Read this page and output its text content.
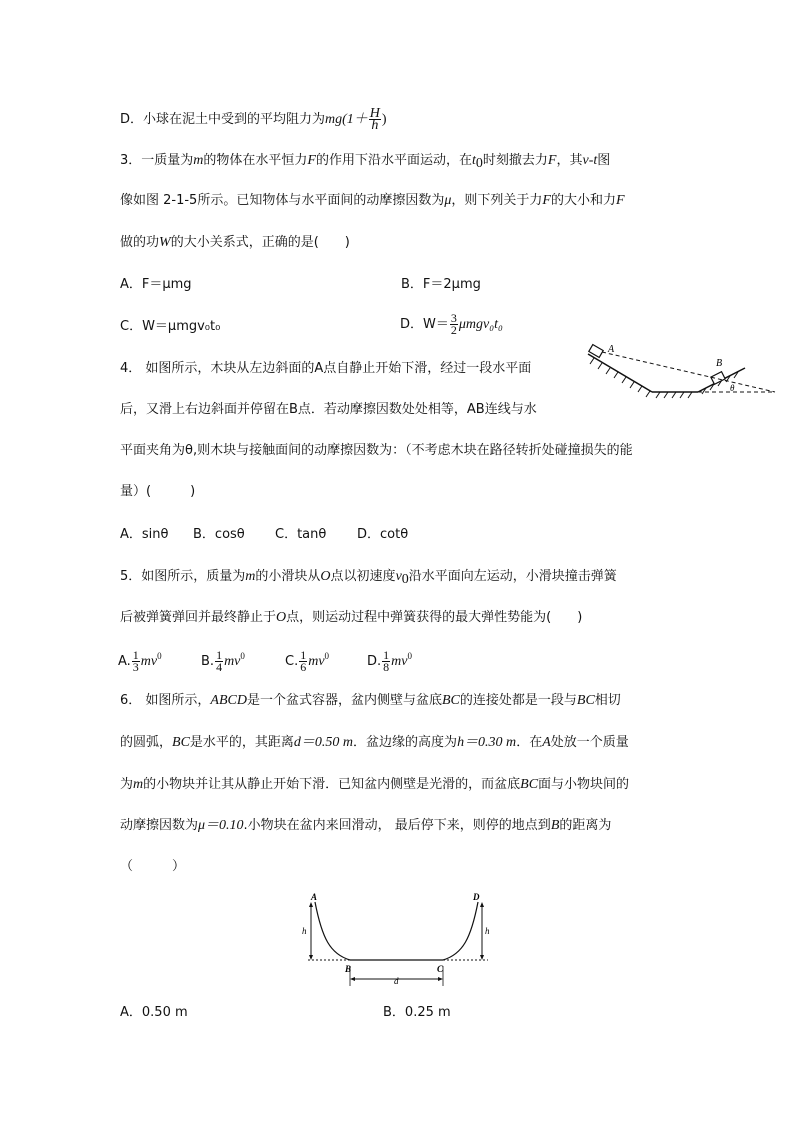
D．小球在泥土中受到的平均阻力为$mg(1+ \frac{H}{h}$ )
3．一质量为m的物体在水平恒力F的作用下沿水平面运动，在$t_0$时刻撤去力F，其v-t图
像如图 2-1-5所示。已知物体与水平面间的动摩擦因数为μ，则下列关于力F的大小和力F
做的功W的大小关系式，正确的是(　　)
A．F＝μmg	B．F＝2μmg
C．W＝μmgv₀t₀	D．$W= \frac{3}{2} \mu mgv_0t_0$
4． 如图所示，木块从左边斜面的A点自静止开始下滑，经过一段水平面
后，又滑上右边斜面并停留在B点．若动摩擦因数处处相等，AB连线与水
平面夹角为θ,则木块与接触面间的动摩擦因数为：（不考虑木块在路径转折处碰撞损失的能
量）(　　　)
A
B
θ
A．sinθ B．cosθ C．tanθ D．cotθ
5．如图所示，质量为m的小滑块从O点以初速度$v_0$沿水平面向左运动，小滑块撞击弹簧
后被弹簧弹回并最终静止于O点，则运动过程中弹簧获得的最大弹性势能为(　　)
A. $\frac{1}{3} mv^0$	B. $\frac{1}{4} mv^0$	C. $\frac{1}{6} mv^0$	D. $\frac{1}{8} mv^0$
6． 如图所示，ABCD是一个盆式容器，盆内侧壁与盆底BC的连接处都是一段与BC相切
的圆弧，BC是水平的，其距离d＝0.50 m．盆边缘的高度为h＝0.30 m．在A处放一个质量
为m的小物块并让其从静止开始下滑．已知盆内侧壁是光滑的，而盆底BC面与小物块间的
动摩擦因数为μ＝0.10.小物块在盆内来回滑动， 最后停下来，则停的地点到B的距离为
（　　　）
A	D
B	C
h	h
d
A．0.50 m	B．0.25 m
